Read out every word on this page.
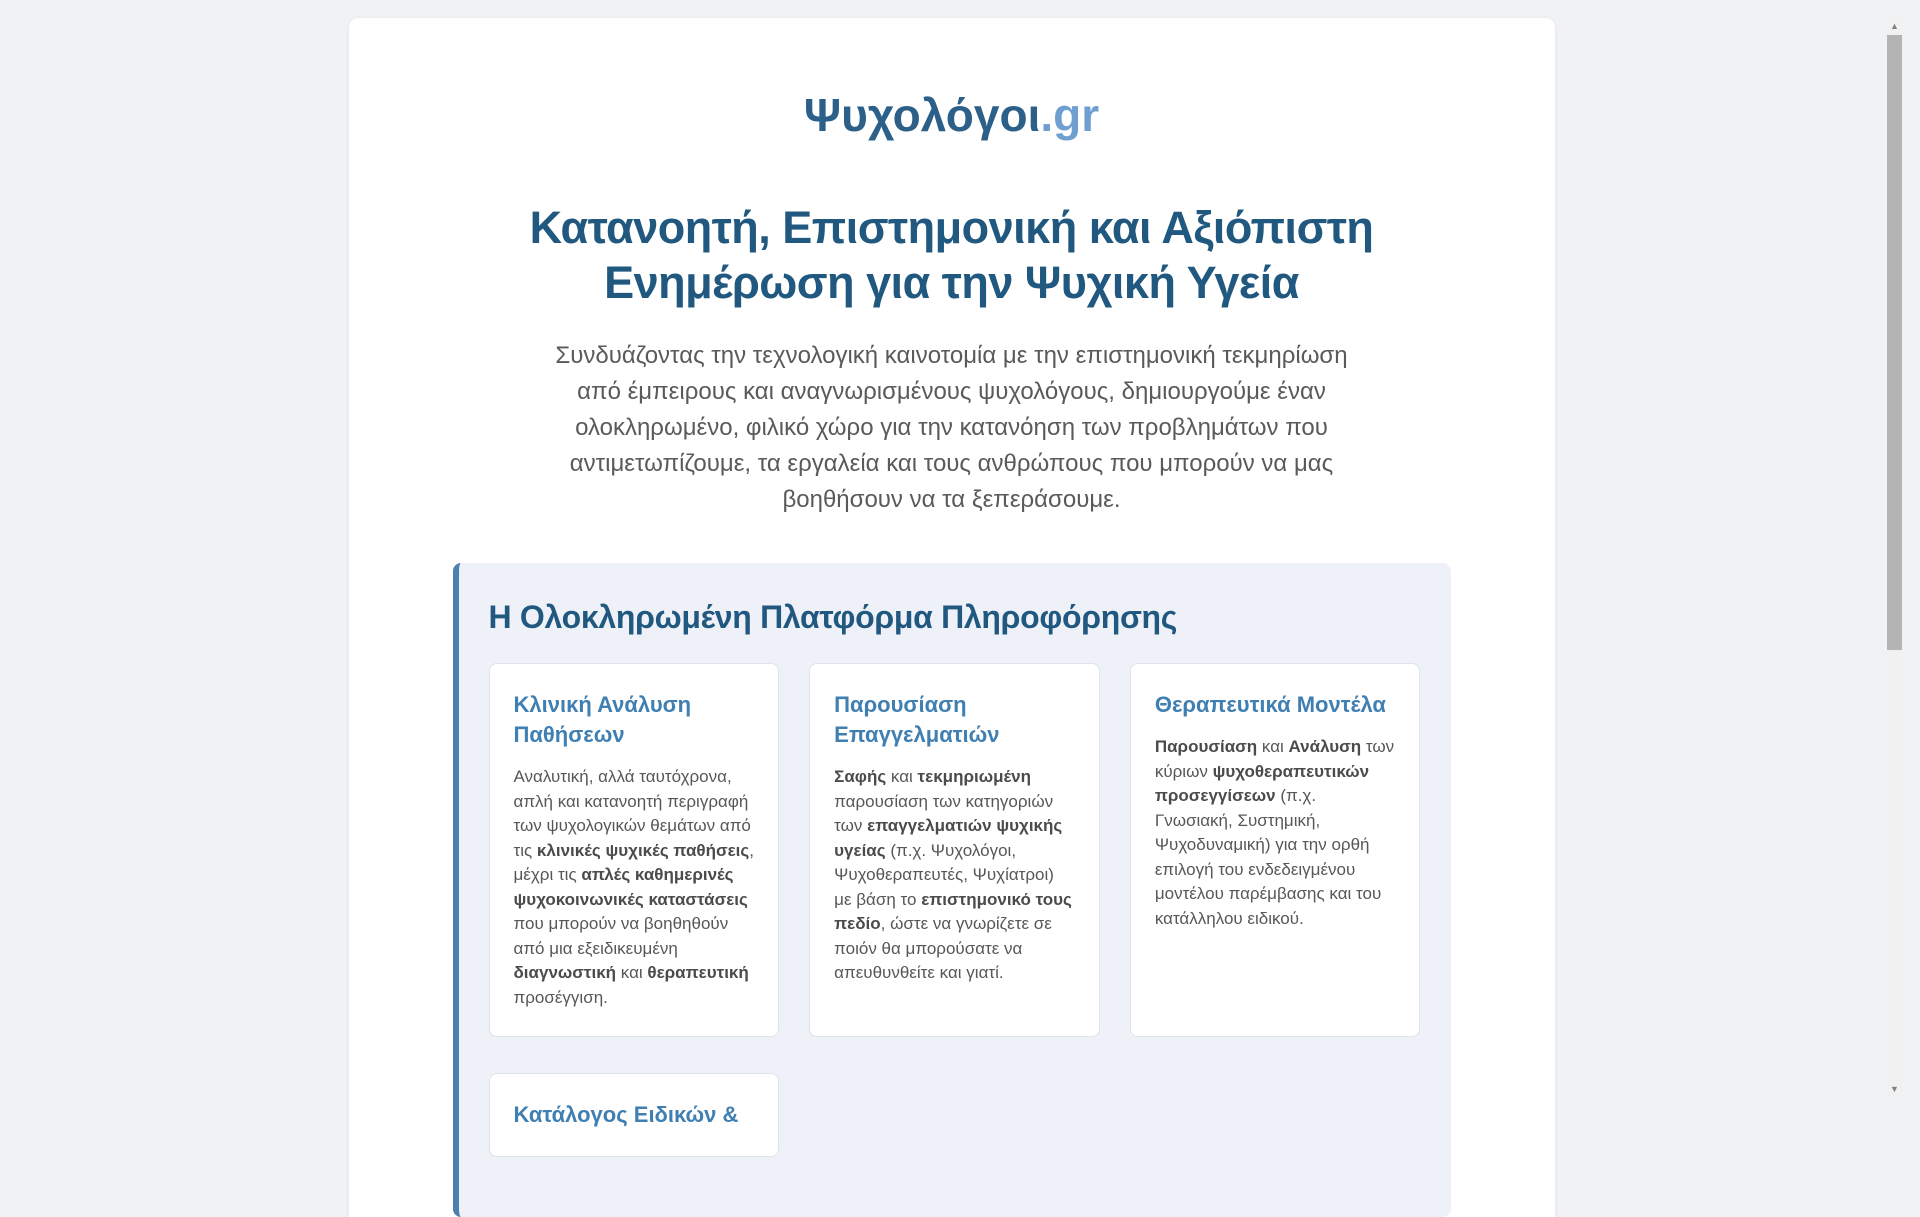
Ψυχολόγοι.gr
Κατανοητή, Επιστημονική και Αξιόπιστη Ενημέρωση για την Ψυχική Υγεία

Συνδυάζοντας την τεχνολογική καινοτομία με την επιστημονική τεκμηρίωση από έμπειρους και αναγνωρισμένους ψυχολόγους, δημιουργούμε έναν ολοκληρωμένο, φιλικό χώρο για την κατανόηση των προβλημάτων που αντιμετωπίζουμε, τα εργαλεία και τους ανθρώπους που μπορούν να μας βοηθήσουν να τα ξεπεράσουμε.

Η Ολοκληρωμένη Πλατφόρμα Πληροφόρησης
Κλινική Ανάλυση Παθήσεων
Αναλυτική, αλλά ταυτόχρονα, απλή και κατανοητή περιγραφή των ψυχολογικών θεμάτων από τις κλινικές ψυχικές παθήσεις, μέχρι τις απλές καθημερινές ψυχοκοινωνικές καταστάσεις που μπορούν να βοηθηθούν από μια εξειδικευμένη διαγνωστική και θεραπευτική προσέγγιση.
Παρουσίαση Επαγγελματιών
Σαφής και τεκμηριωμένη παρουσίαση των κατηγοριών των επαγγελματιών ψυχικής υγείας (π.χ. Ψυχολόγοι, Ψυχοθεραπευτές, Ψυχίατροι) με βάση το επιστημονικό τους πεδίο, ώστε να γνωρίζετε σε ποιόν θα μπορούσατε να απευθυνθείτε και γιατί.
Θεραπευτικά Μοντέλα
Παρουσίαση και Ανάλυση των κύριων ψυχοθεραπευτικών προσεγγίσεων (π.χ. Γνωσιακή, Συστημική, Ψυχοδυναμική) για την ορθή επιλογή του ενδεδειγμένου μοντέλου παρέμβασης και του κατάλληλου ειδικού.
Κατάλογος Ειδικών &
▲
▼
